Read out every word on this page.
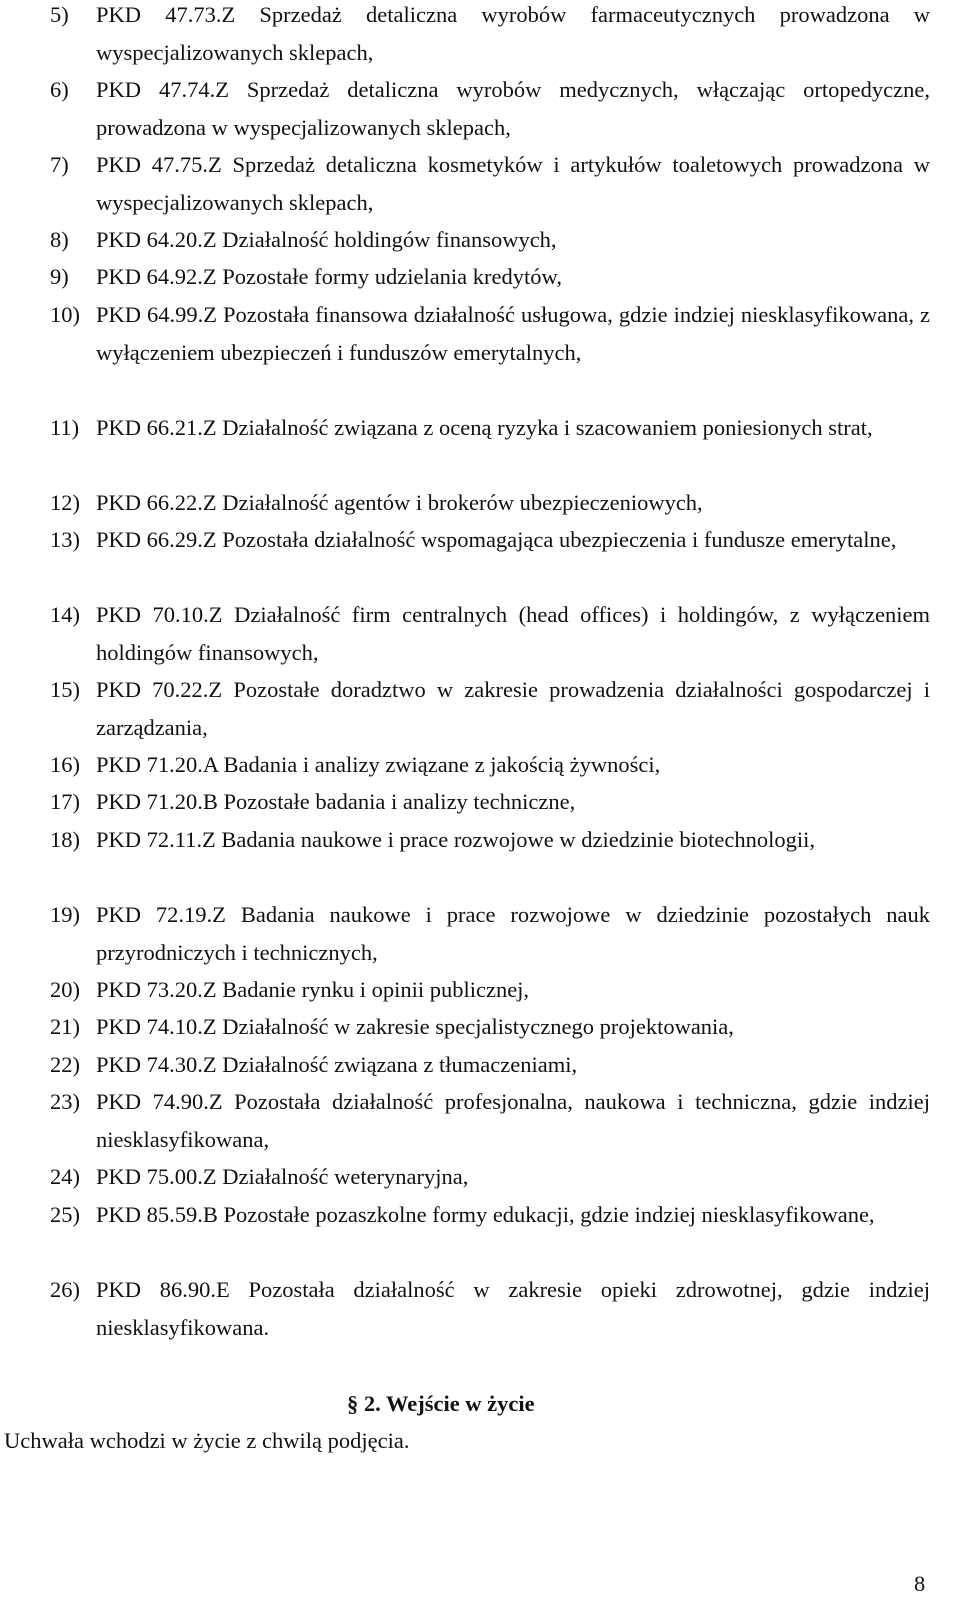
5) PKD 47.73.Z Sprzedaż detaliczna wyrobów farmaceutycznych prowadzona w wyspecjalizowanych sklepach,
6) PKD 47.74.Z Sprzedaż detaliczna wyrobów medycznych, włączając ortopedyczne, prowadzona w wyspecjalizowanych sklepach,
7) PKD 47.75.Z Sprzedaż detaliczna kosmetyków i artykułów toaletowych prowadzona w wyspecjalizowanych sklepach,
8) PKD 64.20.Z Działalność holdingów finansowych,
9) PKD 64.92.Z Pozostałe formy udzielania kredytów,
10) PKD 64.99.Z Pozostała finansowa działalność usługowa, gdzie indziej niesklasyfikowana, z wyłączeniem ubezpieczeń i funduszów emerytalnych,
11) PKD 66.21.Z Działalność związana z oceną ryzyka i szacowaniem poniesionych strat,
12) PKD 66.22.Z Działalność agentów i brokerów ubezpieczeniowych,
13) PKD 66.29.Z Pozostała działalność wspomagająca ubezpieczenia i fundusze emerytalne,
14) PKD 70.10.Z Działalność firm centralnych (head offices) i holdingów, z wyłączeniem holdingów finansowych,
15) PKD 70.22.Z Pozostałe doradztwo w zakresie prowadzenia działalności gospodarczej i zarządzania,
16) PKD 71.20.A Badania i analizy związane z jakością żywności,
17) PKD 71.20.B Pozostałe badania i analizy techniczne,
18) PKD 72.11.Z Badania naukowe i prace rozwojowe w dziedzinie biotechnologii,
19) PKD 72.19.Z Badania naukowe i prace rozwojowe w dziedzinie pozostałych nauk przyrodniczych i technicznych,
20) PKD 73.20.Z Badanie rynku i opinii publicznej,
21) PKD 74.10.Z Działalność w zakresie specjalistycznego projektowania,
22) PKD 74.30.Z Działalność związana z tłumaczeniami,
23) PKD 74.90.Z Pozostała działalność profesjonalna, naukowa i techniczna, gdzie indziej niesklasyfikowana,
24) PKD 75.00.Z Działalność weterynaryjna,
25) PKD 85.59.B Pozostałe pozaszkolne formy edukacji, gdzie indziej niesklasyfikowane,
26) PKD 86.90.E Pozostała działalność w zakresie opieki zdrowotnej, gdzie indziej niesklasyfikowana.
§ 2. Wejście w życie
Uchwała wchodzi w życie z chwilą podjęcia.
8
